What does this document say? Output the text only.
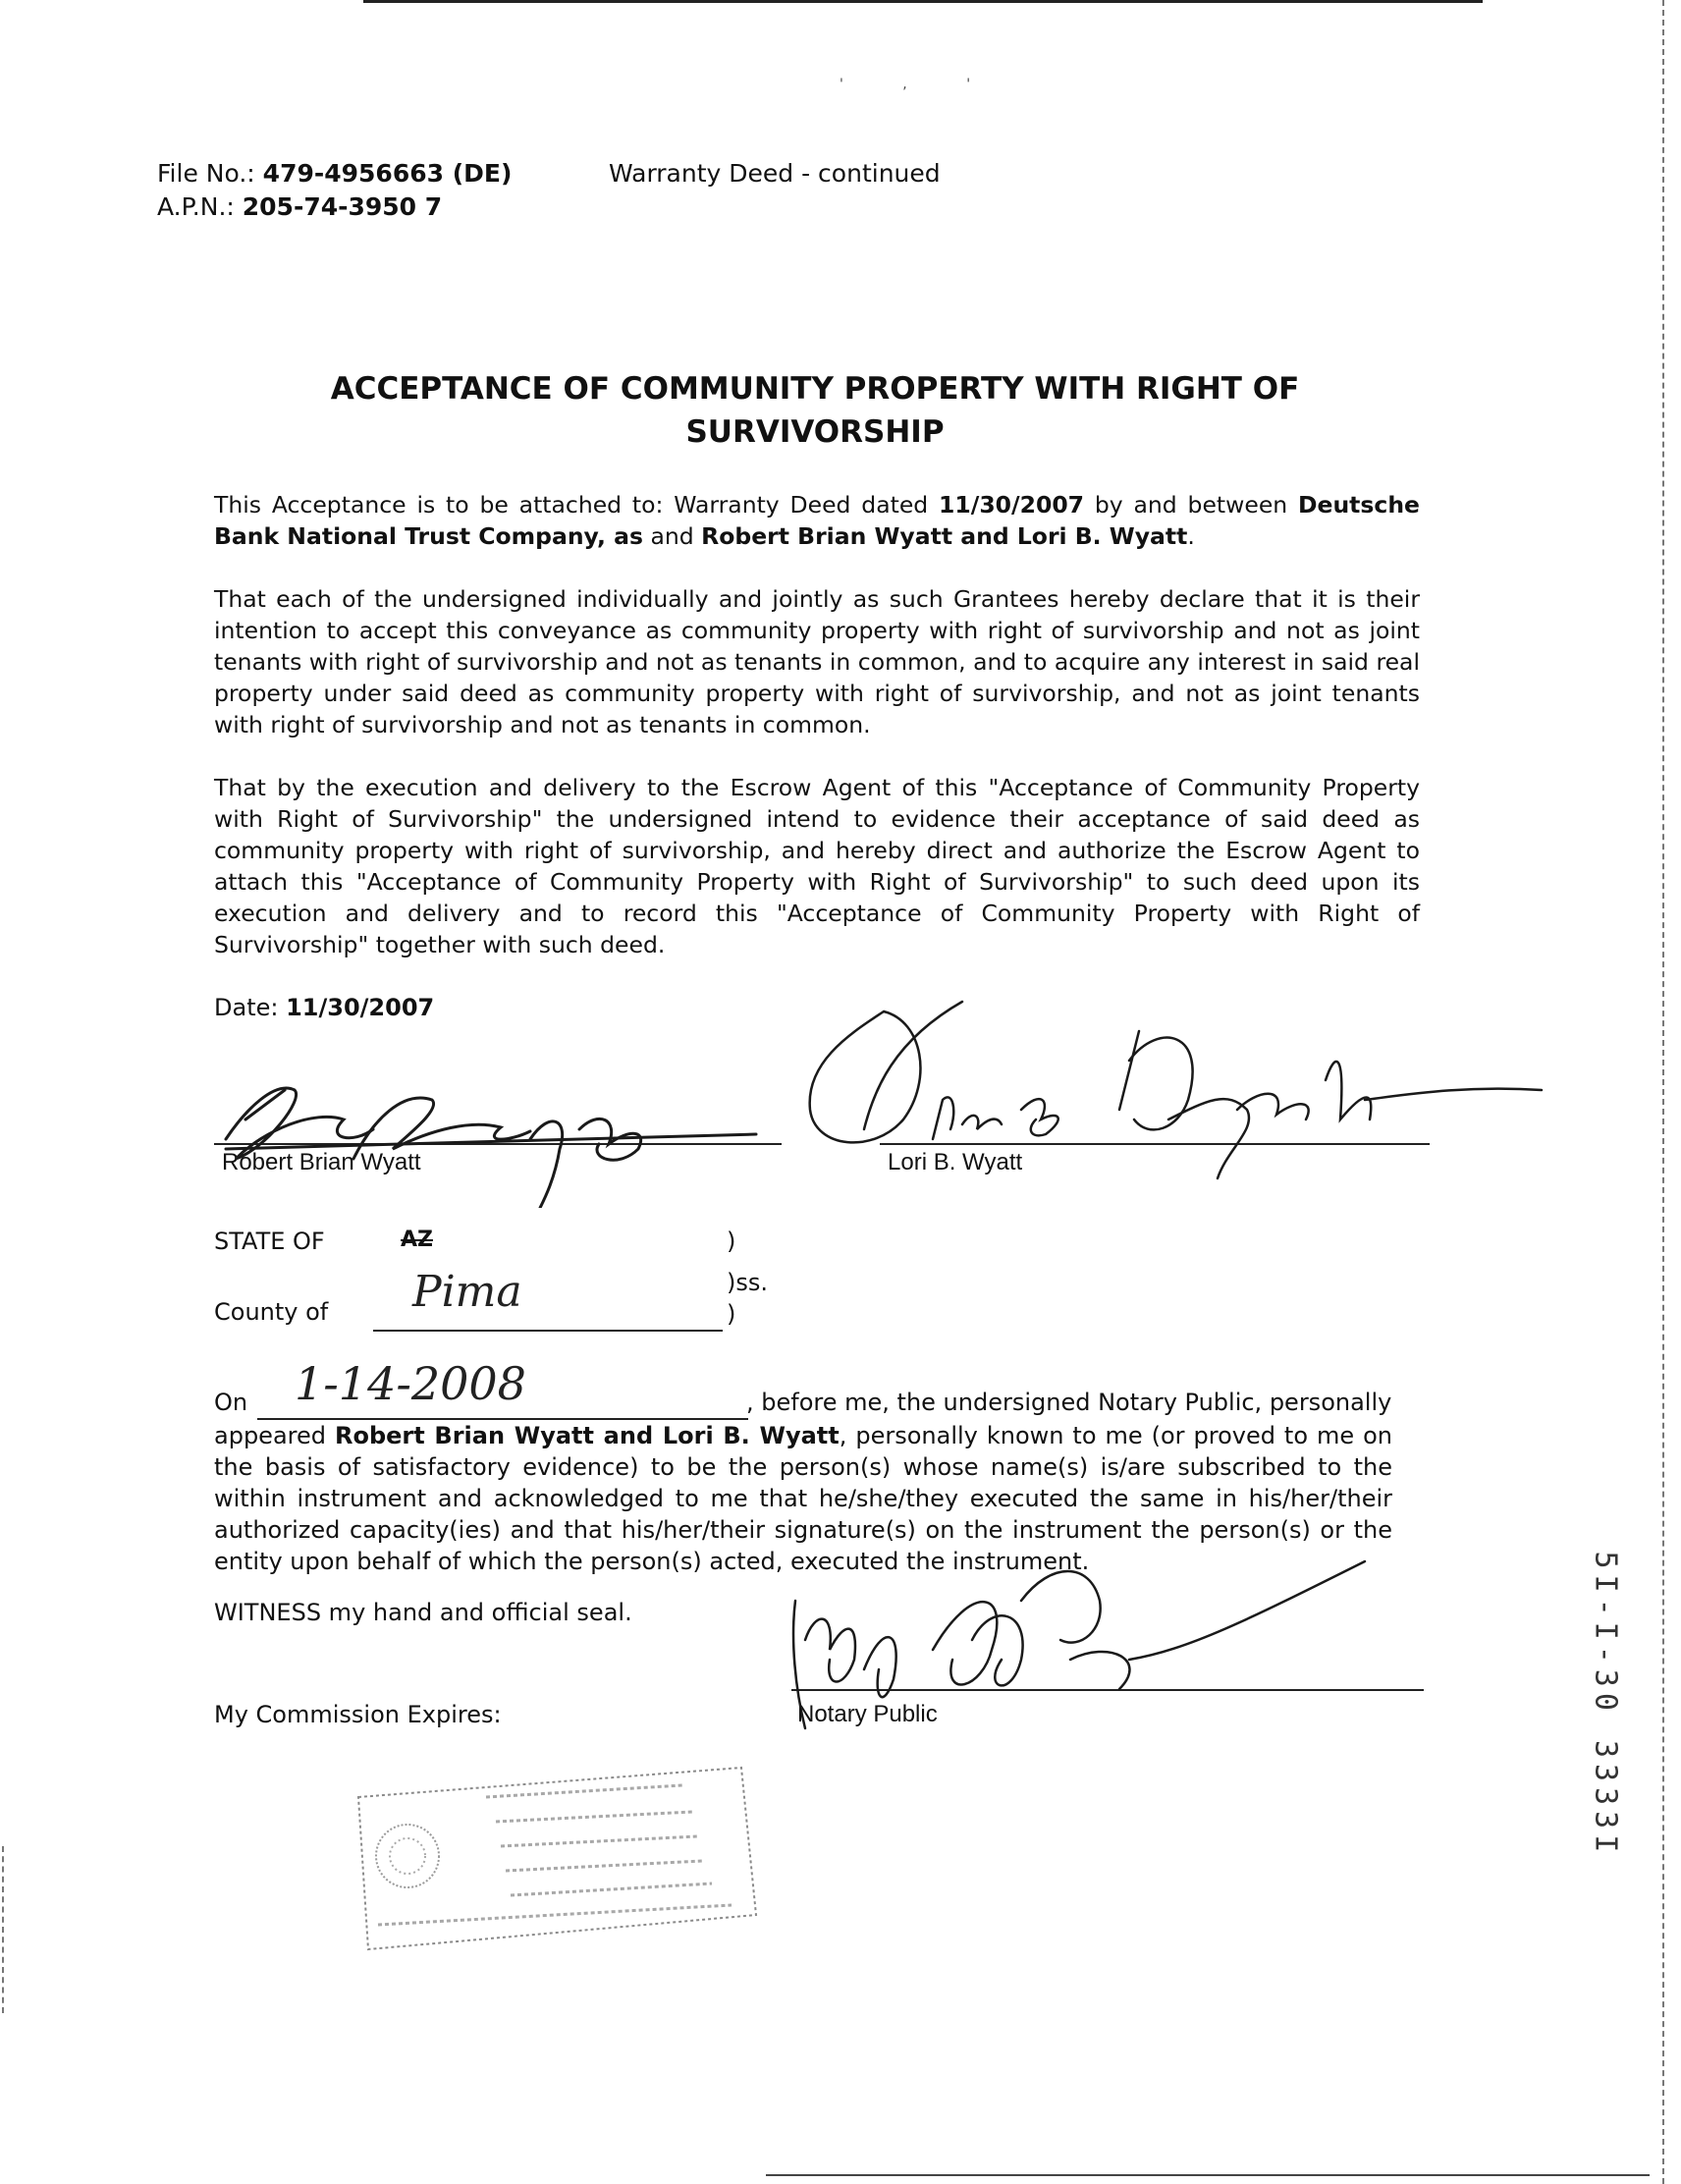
' , '
File No.: 479-4956663 (DE)
A.P.N.: 205-74-3950 7
Warranty Deed - continued
ACCEPTANCE OF COMMUNITY PROPERTY WITH RIGHT OF
SURVIVORSHIP
This Acceptance is to be attached to: Warranty Deed dated 11/30/2007 by and between Deutsche Bank National Trust Company, as and Robert Brian Wyatt and Lori B. Wyatt.
That each of the undersigned individually and jointly as such Grantees hereby declare that it is their intention to accept this conveyance as community property with right of survivorship and not as joint tenants with right of survivorship and not as tenants in common, and to acquire any interest in said real property under said deed as community property with right of survivorship, and not as joint tenants with right of survivorship and not as tenants in common.
That by the execution and delivery to the Escrow Agent of this "Acceptance of Community Property with Right of Survivorship" the undersigned intend to evidence their acceptance of said deed as community property with right of survivorship, and hereby direct and authorize the Escrow Agent to attach this "Acceptance of Community Property with Right of Survivorship" to such deed upon its execution and delivery and to record this "Acceptance of Community Property with Right of Survivorship" together with such deed.
Date: 11/30/2007
Robert Brian Wyatt	Lori B. Wyatt
STATE OF	AZ	)
)ss.
)
County of Pima
On 1-14-2008	, before me, the undersigned Notary Public, personally
appeared Robert Brian Wyatt and Lori B. Wyatt, personally known to me (or proved to me on the basis of satisfactory evidence) to be the person(s) whose name(s) is/are subscribed to the within instrument and acknowledged to me that he/she/they executed the same in his/her/their authorized capacity(ies) and that his/her/their signature(s) on the instrument the person(s) or the entity upon behalf of which the person(s) acted, executed the instrument.
WITNESS my hand and official seal.
My Commission Expires:	Notary Public	5I-I-30 3333I
